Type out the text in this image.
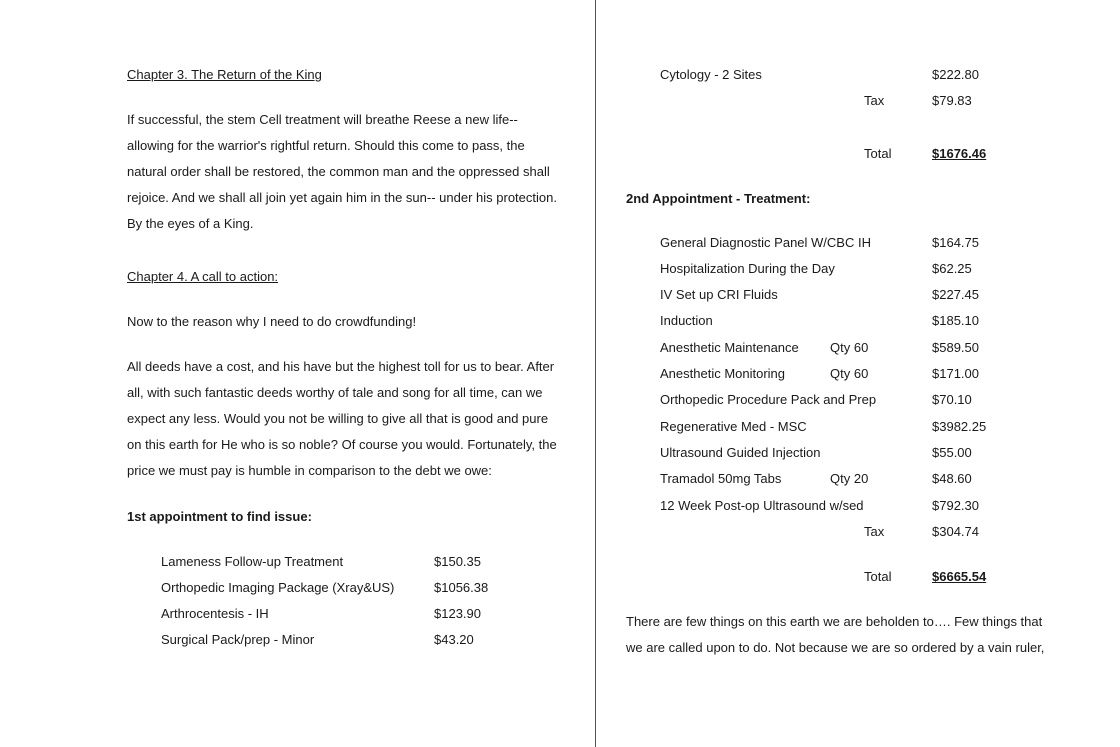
Chapter 3. The Return of the King
If successful, the stem Cell treatment will breathe Reese a new life--
allowing for the warrior's rightful return. Should this come to pass, the
natural order shall be restored, the common man and the oppressed shall
rejoice. And we shall all join yet again him in the sun-- under his protection.
By the eyes of a King.
Chapter 4. A call to action:
Now to the reason why I need to do crowdfunding!
All deeds have a cost, and his have but the highest toll for us to bear. After
all, with such fantastic deeds worthy of tale and song for all time, can we
expect any less. Would you not be willing to give all that is good and pure
on this earth for He who is so noble? Of course you would. Fortunately, the
price we must pay is humble in comparison to the debt we owe:
1st appointment to find issue:
Lameness Follow-up Treatment	$150.35
Orthopedic Imaging Package (Xray&US)	$1056.38
Arthrocentesis - IH	$123.90
Surgical Pack/prep - Minor	$43.20
Cytology - 2 Sites	$222.80
Tax	$79.83
Total	$1676.46
2nd Appointment - Treatment:
General Diagnostic Panel W/CBC IH	$164.75
Hospitalization During the Day	$62.25
IV Set up CRI Fluids	$227.45
Induction	$185.10
Anesthetic Maintenance Qty 60	$589.50
Anesthetic Monitoring	Qty 60	$171.00
Orthopedic Procedure Pack and Prep	$70.10
Regenerative Med - MSC	$3982.25
Ultrasound Guided Injection	$55.00
Tramadol 50mg Tabs	Qty 20	$48.60
12 Week Post-op Ultrasound w/sed	$792.30
Tax	$304.74
Total	$6665.54
There are few things on this earth we are beholden to…. Few things that
we are called upon to do. Not because we are so ordered by a vain ruler,
